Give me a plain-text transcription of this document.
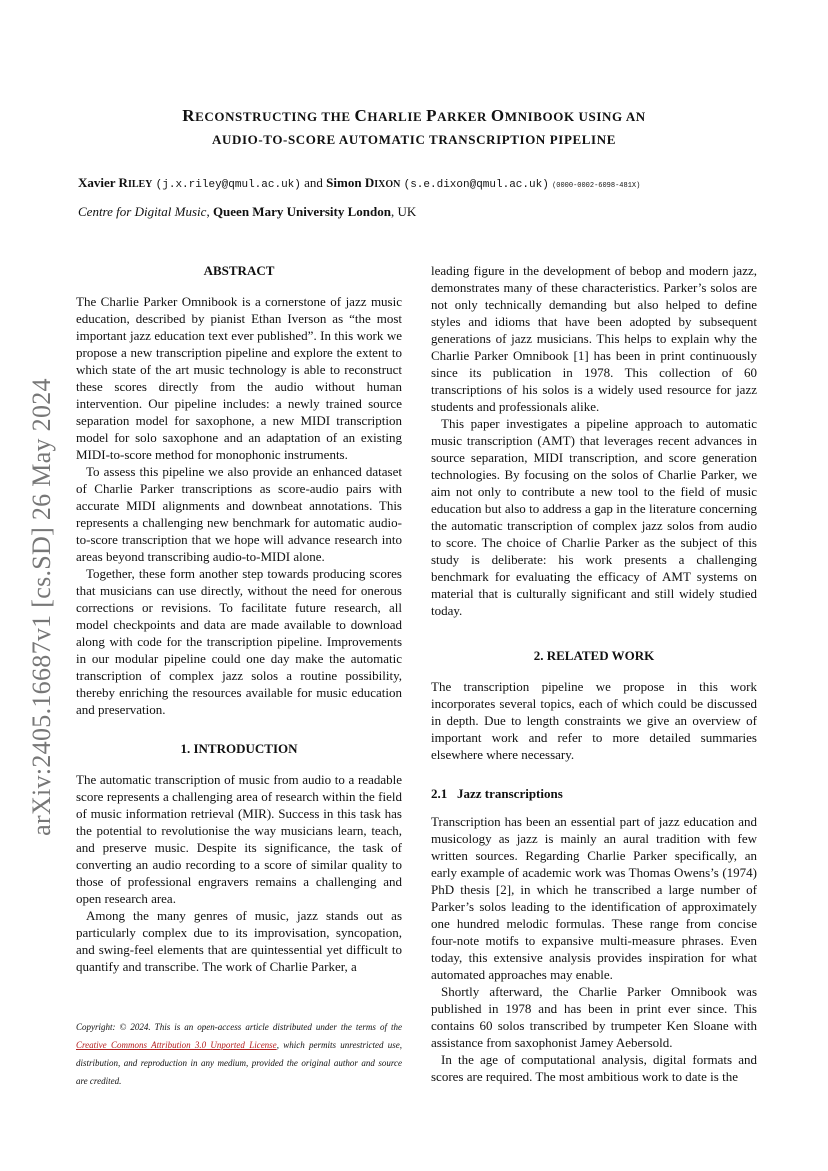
arXiv:2405.16687v1 [cs.SD] 26 May 2024
RECONSTRUCTING THE CHARLIE PARKER OMNIBOOK USING AN
AUDIO-TO-SCORE AUTOMATIC TRANSCRIPTION PIPELINE
Xavier RILEY (j.x.riley@qmul.ac.uk) and Simon DIXON (s.e.dixon@qmul.ac.uk) (0000-0002-6098-481X)
Centre for Digital Music, Queen Mary University London, UK
ABSTRACT

The Charlie Parker Omnibook is a cornerstone of jazz music education, described by pianist Ethan Iverson as “the most important jazz education text ever published”. In this work we propose a new transcription pipeline and explore the extent to which state of the art music technology is able to reconstruct these scores directly from the audio without human intervention. Our pipeline includes: a newly trained source separation model for saxophone, a new MIDI transcription model for solo saxophone and an adaptation of an existing MIDI-to-score method for monophonic instruments.

To assess this pipeline we also provide an enhanced dataset of Charlie Parker transcriptions as score-audio pairs with accurate MIDI alignments and downbeat annotations. This represents a challenging new benchmark for automatic audio-to-score transcription that we hope will advance research into areas beyond transcribing audio-to-MIDI alone.

Together, these form another step towards producing scores that musicians can use directly, without the need for onerous corrections or revisions. To facilitate future research, all model checkpoints and data are made available to download along with code for the transcription pipeline. Improvements in our modular pipeline could one day make the automatic transcription of complex jazz solos a routine possibility, thereby enriching the resources available for music education and preservation.

1. INTRODUCTION

The automatic transcription of music from audio to a readable score represents a challenging area of research within the field of music information retrieval (MIR). Success in this task has the potential to revolutionise the way musicians learn, teach, and preserve music. Despite its significance, the task of converting an audio recording to a score of similar quality to those of professional engravers remains a challenging and open research area.

Among the many genres of music, jazz stands out as particularly complex due to its improvisation, syncopation, and swing-feel elements that are quintessential yet difficult to quantify and transcribe. The work of Charlie Parker, a

Copyright: © 2024. This is an open-access article distributed under the terms of the Creative Commons Attribution 3.0 Unported License, which permits unrestricted use, distribution, and reproduction in any medium, provided the original author and source are credited.

leading figure in the development of bebop and modern jazz, demonstrates many of these characteristics. Parker’s solos are not only technically demanding but also helped to define styles and idioms that have been adopted by subsequent generations of jazz musicians. This helps to explain why the Charlie Parker Omnibook [1] has been in print continuously since its publication in 1978. This collection of 60 transcriptions of his solos is a widely used resource for jazz students and professionals alike.

This paper investigates a pipeline approach to automatic music transcription (AMT) that leverages recent advances in source separation, MIDI transcription, and score generation technologies. By focusing on the solos of Charlie Parker, we aim not only to contribute a new tool to the field of music education but also to address a gap in the literature concerning the automatic transcription of complex jazz solos from audio to score. The choice of Charlie Parker as the subject of this study is deliberate: his work presents a challenging benchmark for evaluating the efficacy of AMT systems on material that is culturally significant and still widely studied today.

2. RELATED WORK

The transcription pipeline we propose in this work incorporates several topics, each of which could be discussed in depth. Due to length constraints we give an overview of important work and refer to more detailed summaries elsewhere where necessary.

2.1   Jazz transcriptions

Transcription has been an essential part of jazz education and musicology as jazz is mainly an aural tradition with few written sources. Regarding Charlie Parker specifically, an early example of academic work was Thomas Owens’s (1974) PhD thesis [2], in which he transcribed a large number of Parker’s solos leading to the identification of approximately one hundred melodic formulas. These range from concise four-note motifs to expansive multi-measure phrases. Even today, this extensive analysis provides inspiration for what automated approaches may enable.

Shortly afterward, the Charlie Parker Omnibook was published in 1978 and has been in print ever since. This contains 60 solos transcribed by trumpeter Ken Sloane with assistance from saxophonist Jamey Aebersold.

In the age of computational analysis, digital formats and scores are required. The most ambitious work to date is the
